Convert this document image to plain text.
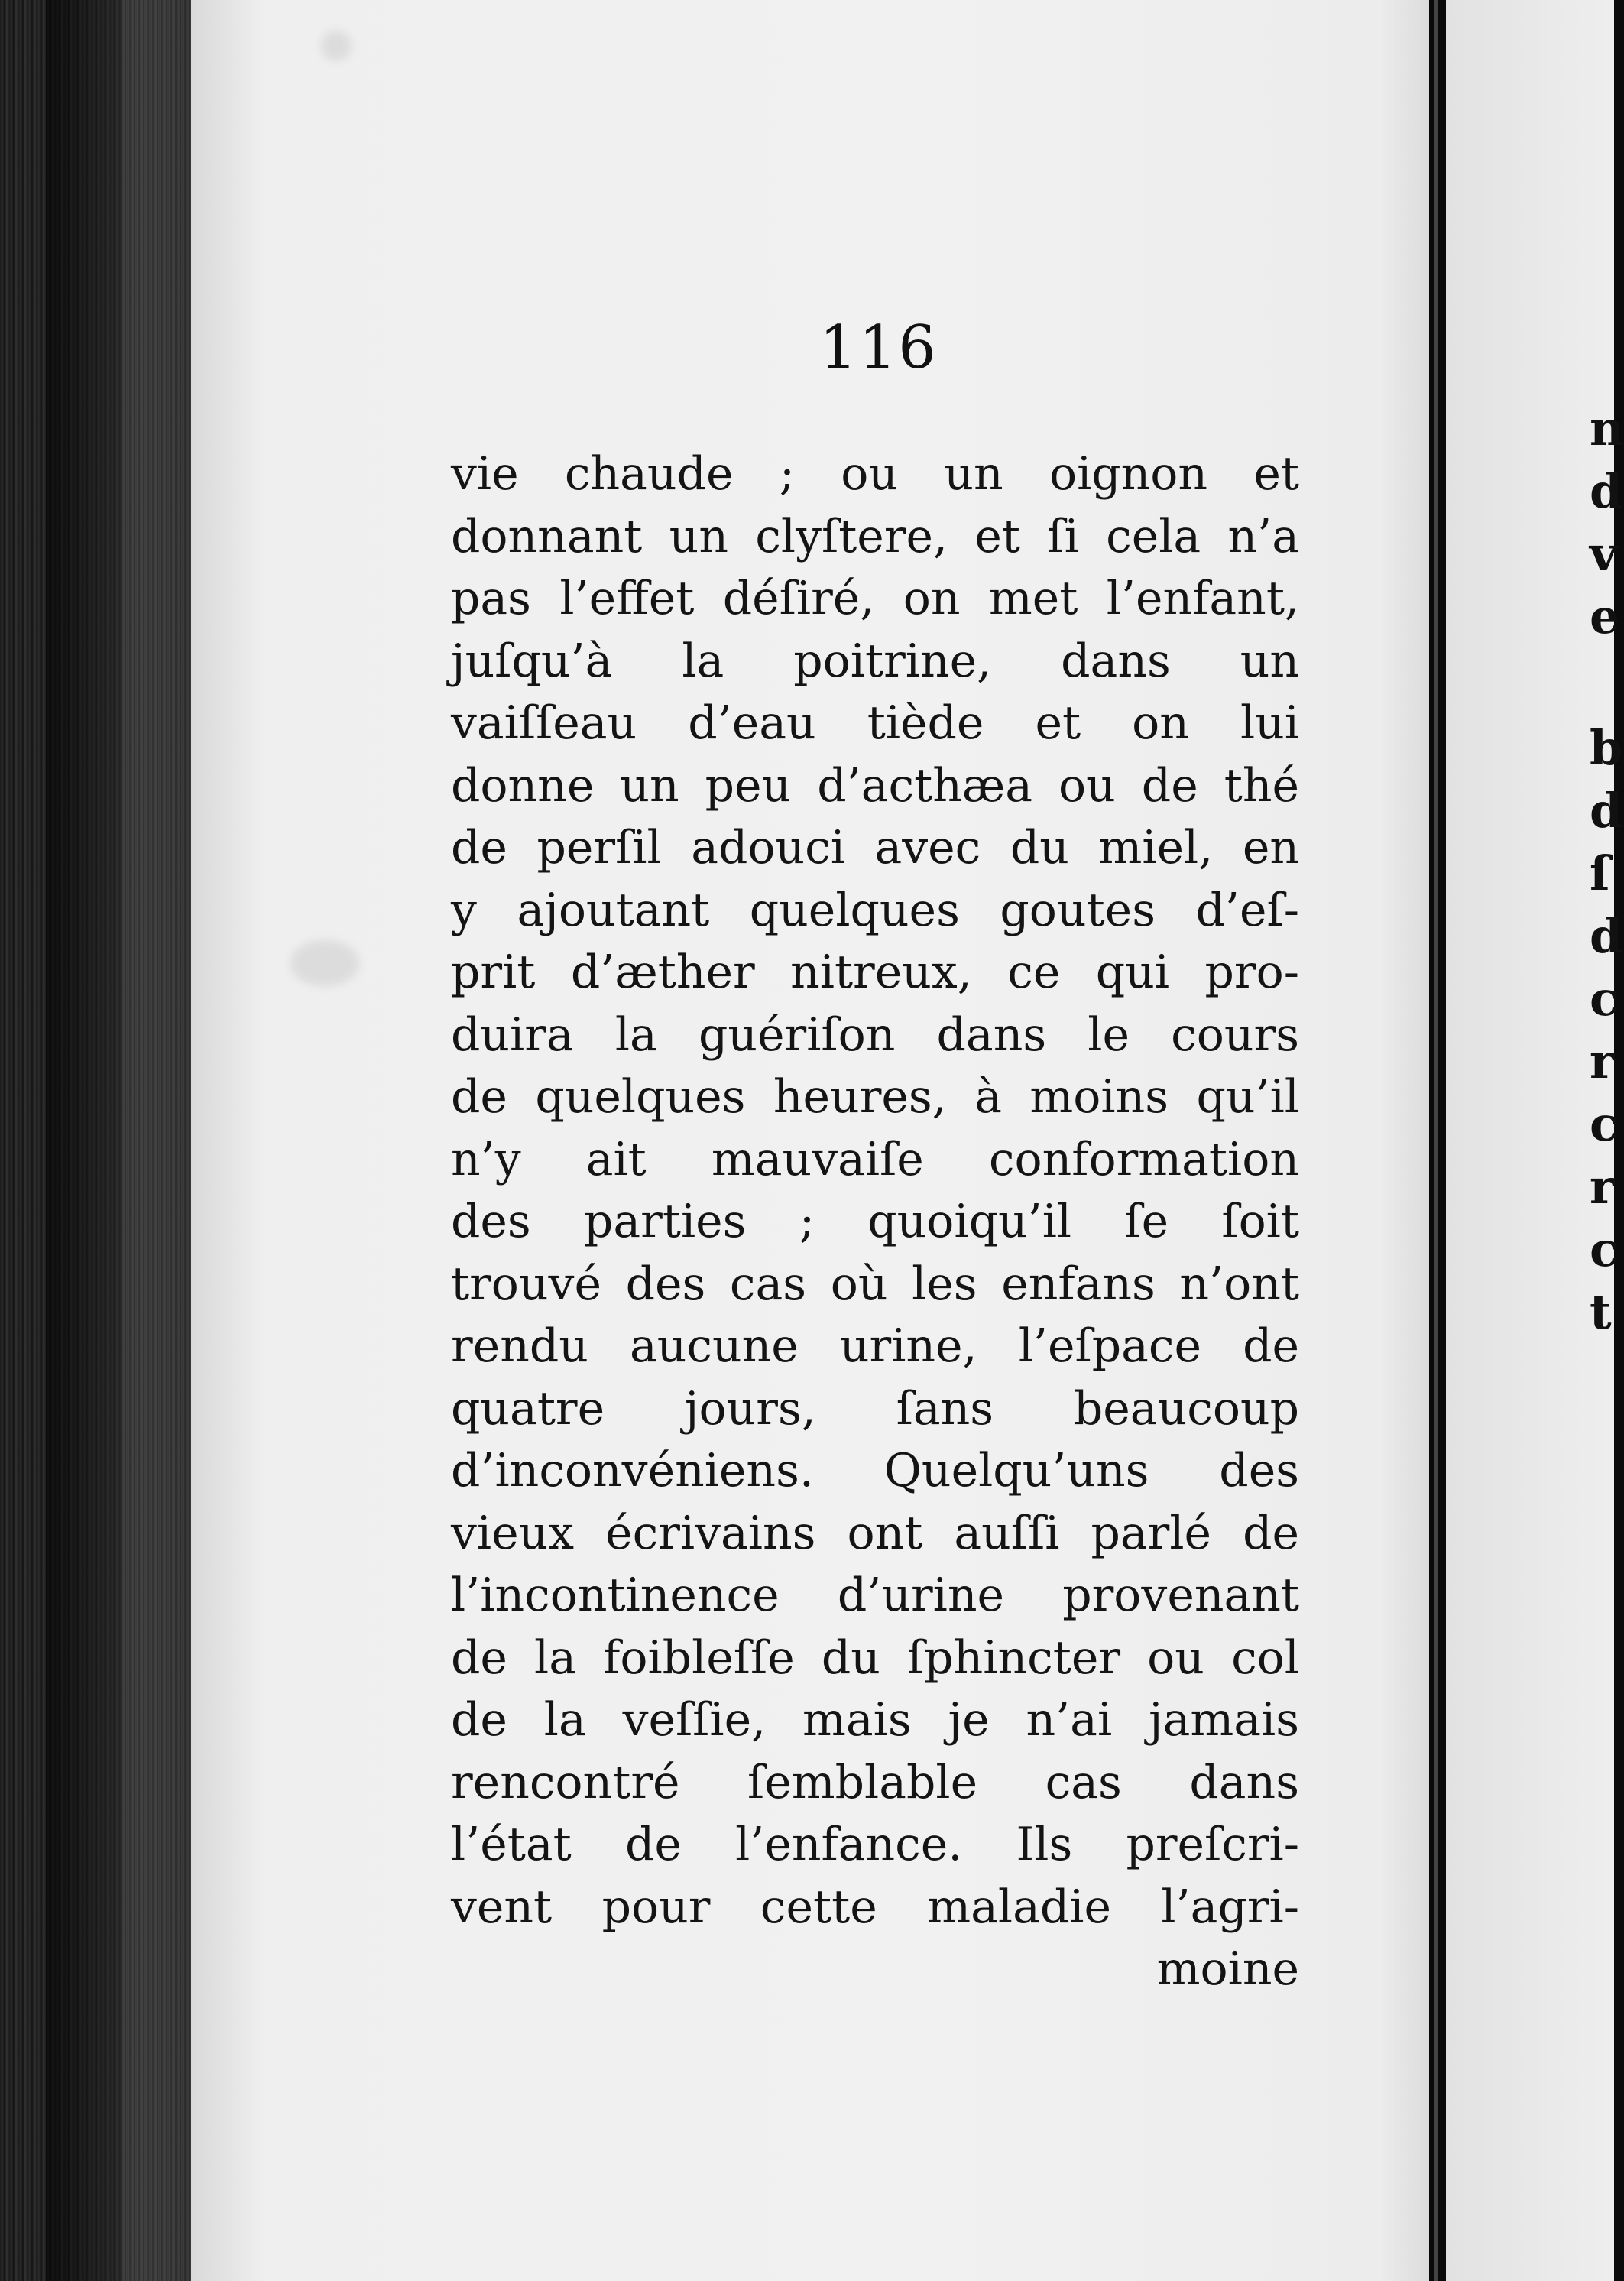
n
d
v
e
b
d
ſ
d
c
r
c
r
c
t
116
vie chaude ; ou un oignon et
donnant un clyſtere, et ſi cela n’a
pas l’effet déſiré, on met l’enfant,
juſqu’à la poitrine, dans un
vaiſſeau d’eau tiède et on lui
donne un peu d’acthæa ou de thé
de perſil adouci avec du miel, en
y ajoutant quelques goutes d’eſ-
prit d’æther nitreux, ce qui pro-
duira la guériſon dans le cours
de quelques heures, à moins qu’il
n’y ait mauvaiſe conformation
des parties ; quoiqu’il ſe ſoit
trouvé des cas où les enfans n’ont
rendu aucune urine, l’eſpace de
quatre jours, ſans beaucoup
d’inconvéniens. Quelqu’uns des
vieux écrivains ont auſſi parlé de
l’incontinence d’urine provenant
de la foibleſſe du ſphincter ou col
de la veſſie, mais je n’ai jamais
rencontré ſemblable cas dans
l’état de l’enfance. Ils preſcri-
vent pour cette maladie l’agri-
moine
